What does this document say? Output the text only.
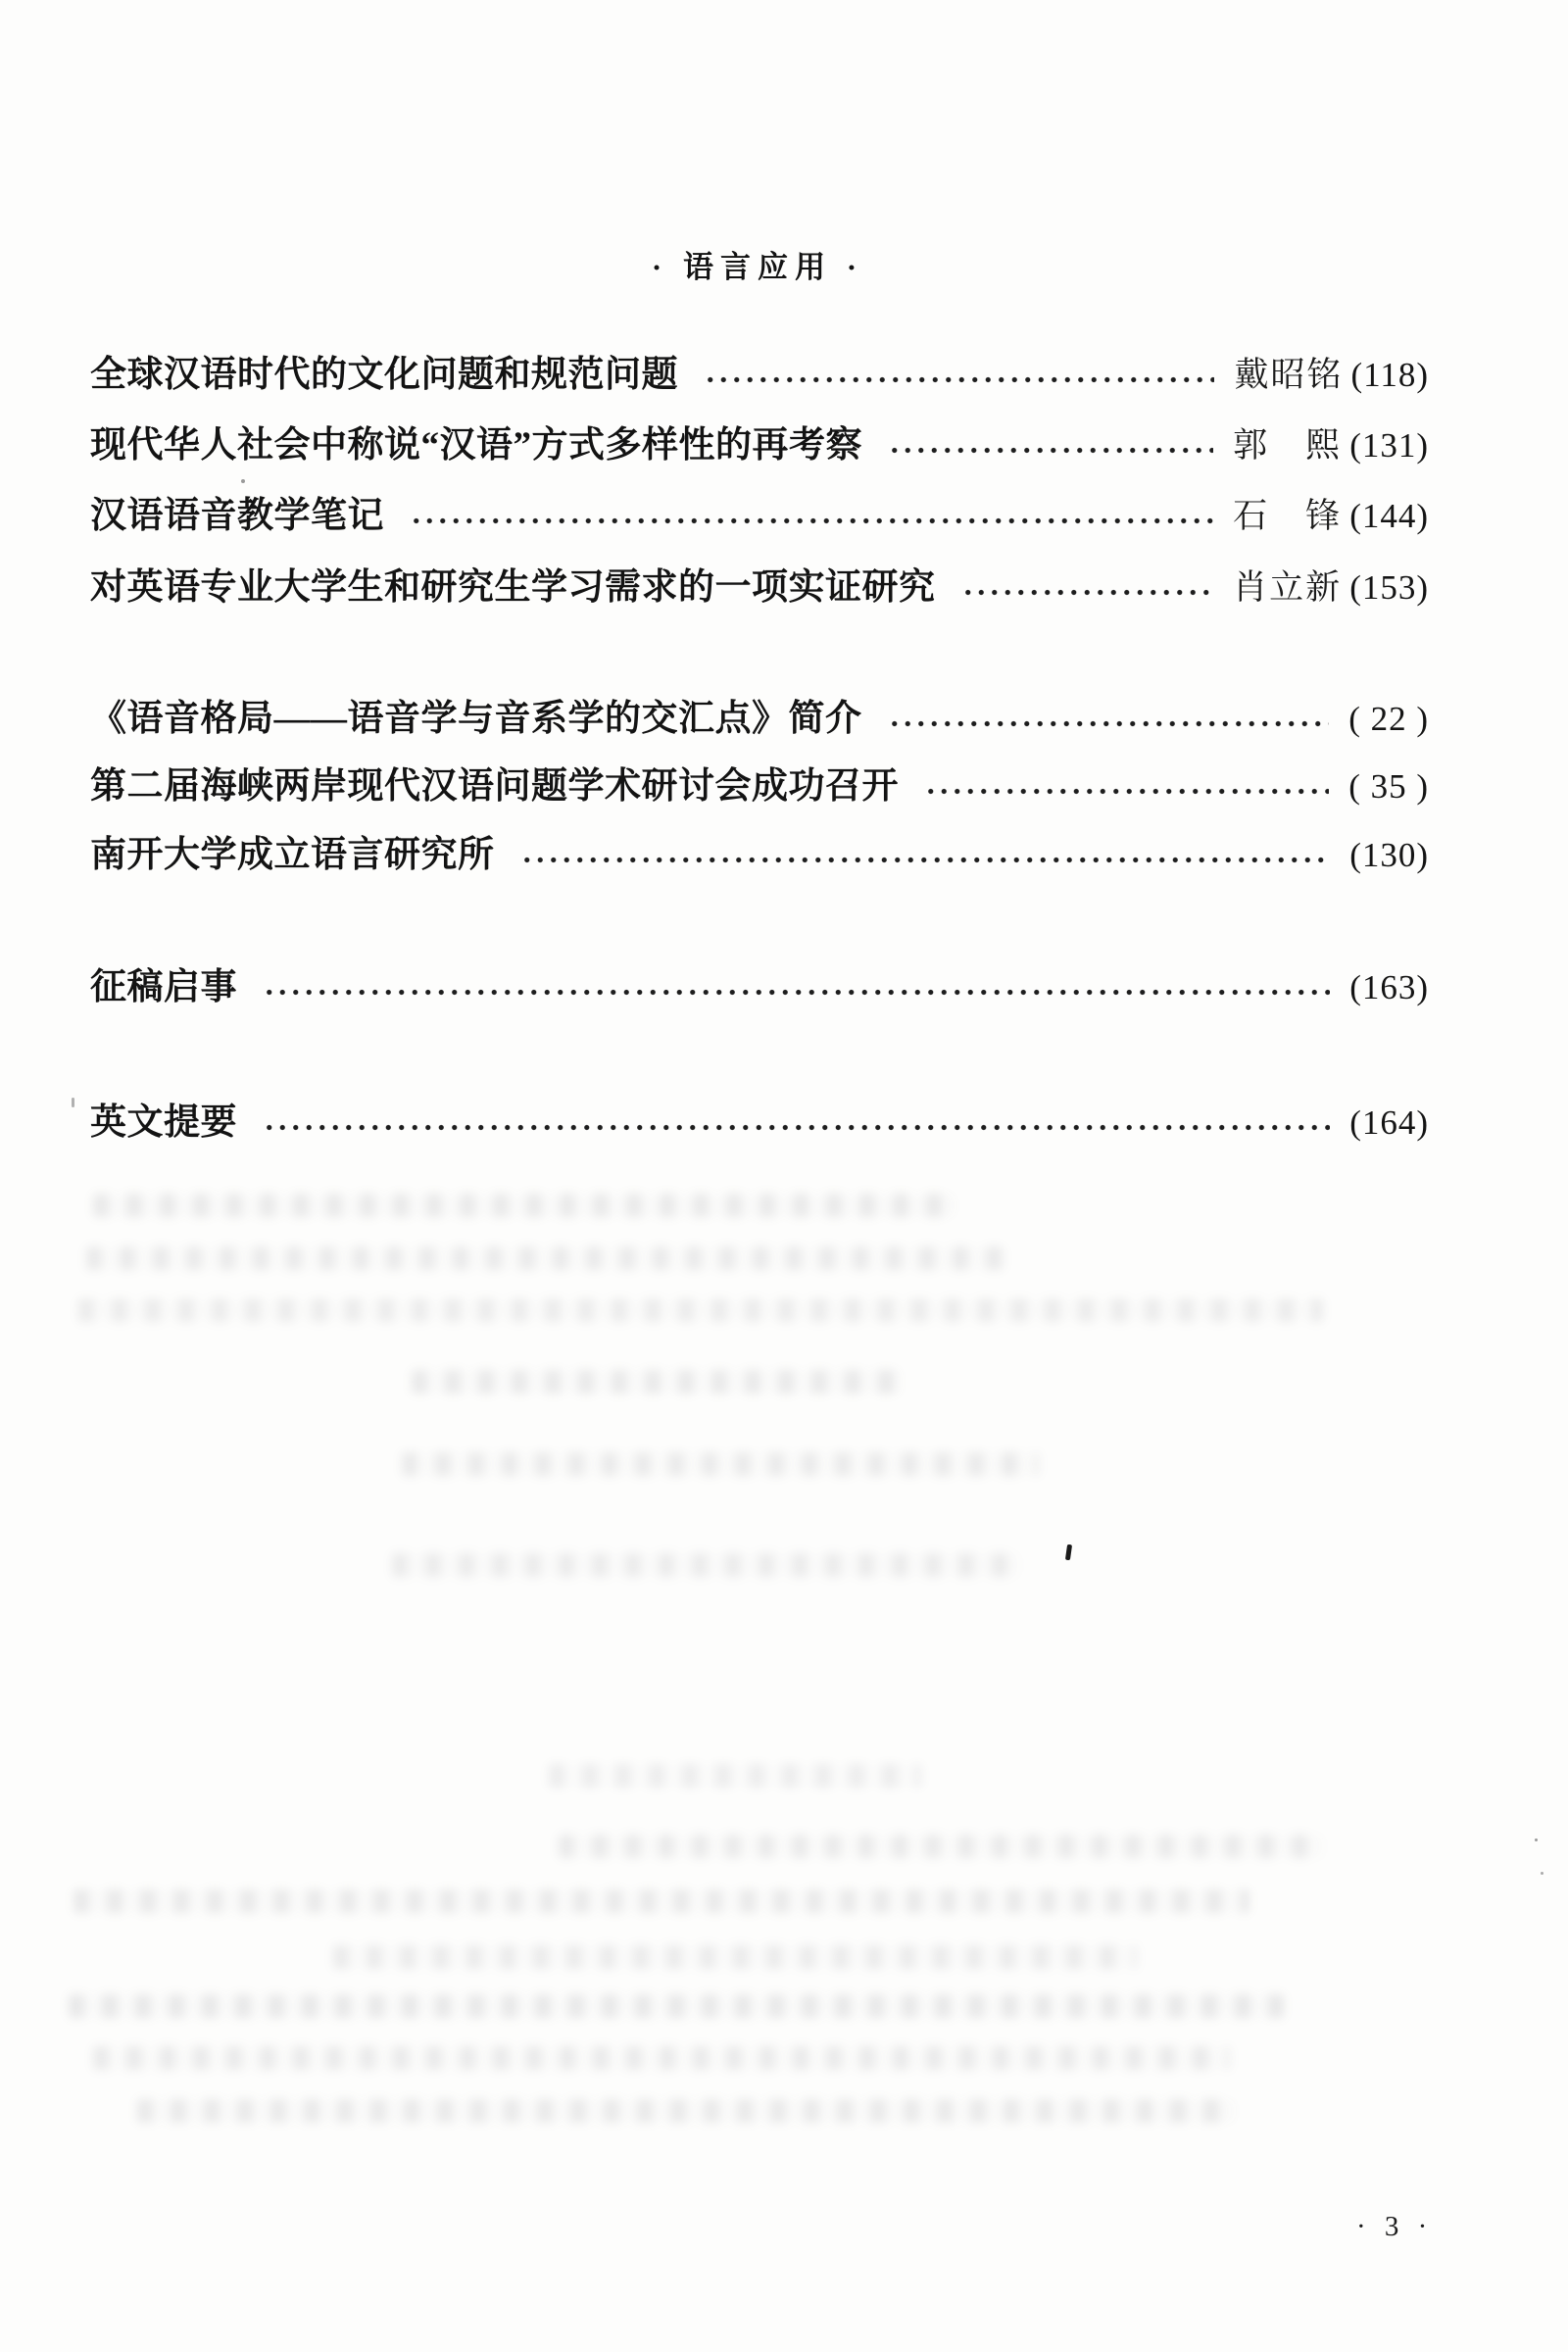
· 语言应用 ·
全球汉语时代的文化问题和规范问题	戴昭铭 (118)
现代华人社会中称说“汉语”方式多样性的再考察	郭　熙 (131)
汉语语音教学笔记	石　锋 (144)
对英语专业大学生和研究生学习需求的一项实证研究	肖立新 (153)
《语音格局——语音学与音系学的交汇点》简介	( 22 )
第二届海峡两岸现代汉语问题学术研讨会成功召开	( 35 )
南开大学成立语言研究所	(130)
征稿启事	(163)
英文提要	(164)
· 3 ·
